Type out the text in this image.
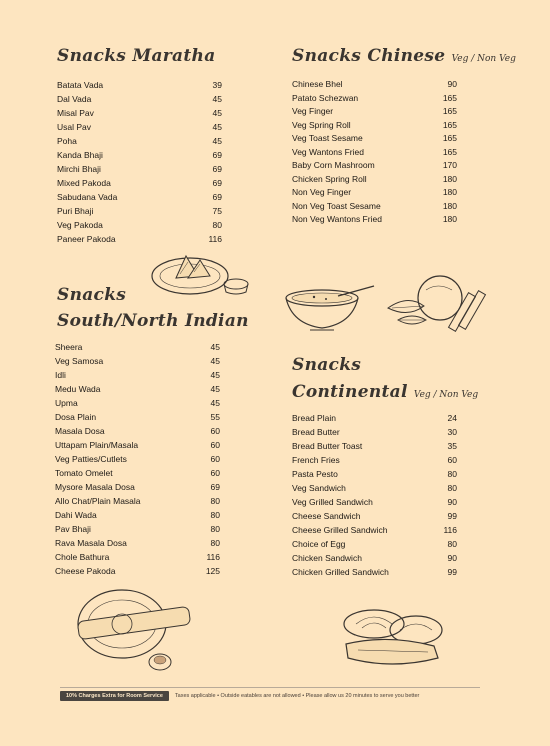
Snacks Maratha
Batata Vada	39
Dal Vada	45
Misal Pav	45
Usal Pav	45
Poha	45
Kanda Bhaji	69
Mirchi Bhaji	69
Mixed Pakoda	69
Sabudana Vada	69
Puri Bhaji	75
Veg Pakoda	80
Paneer Pakoda	116
Snacks Chinese Veg / Non Veg
Chinese Bhel	90
Patato Schezwan	165
Veg Finger	165
Veg Spring Roll	165
Veg Toast Sesame	165
Veg Wantons Fried	165
Baby Corn Mashroom	170
Chicken Spring Roll	180
Non Veg Finger	180
Non Veg Toast Sesame	180
Non Veg Wantons Fried	180
Snacks
South/North Indian
Sheera	45
Veg Samosa	45
Idli	45
Medu Wada	45
Upma	45
Dosa Plain	55
Masala Dosa	60
Uttapam Plain/Masala	60
Veg Patties/Cutlets	60
Tomato Omelet	60
Mysore Masala Dosa	69
Allo Chat/Plain Masala	80
Dahi Wada	80
Pav Bhaji	80
Rava Masala Dosa	80
Chole Bathura	116
Cheese Pakoda	125
Snacks
Continental Veg / Non Veg
Bread Plain	24
Bread Butter	30
Bread Butter Toast	35
French Fries	60
Pasta Pesto	80
Veg Sandwich	80
Veg Grilled Sandwich	90
Cheese Sandwich	99
Cheese Grilled Sandwich	116
Choice of Egg	80
Chicken Sandwich	90
Chicken Grilled Sandwich	99
10% Charges Extra for Room Service	Taxes applicable • Outside eatables are not allowed • Please allow us 20 minutes to serve you better
